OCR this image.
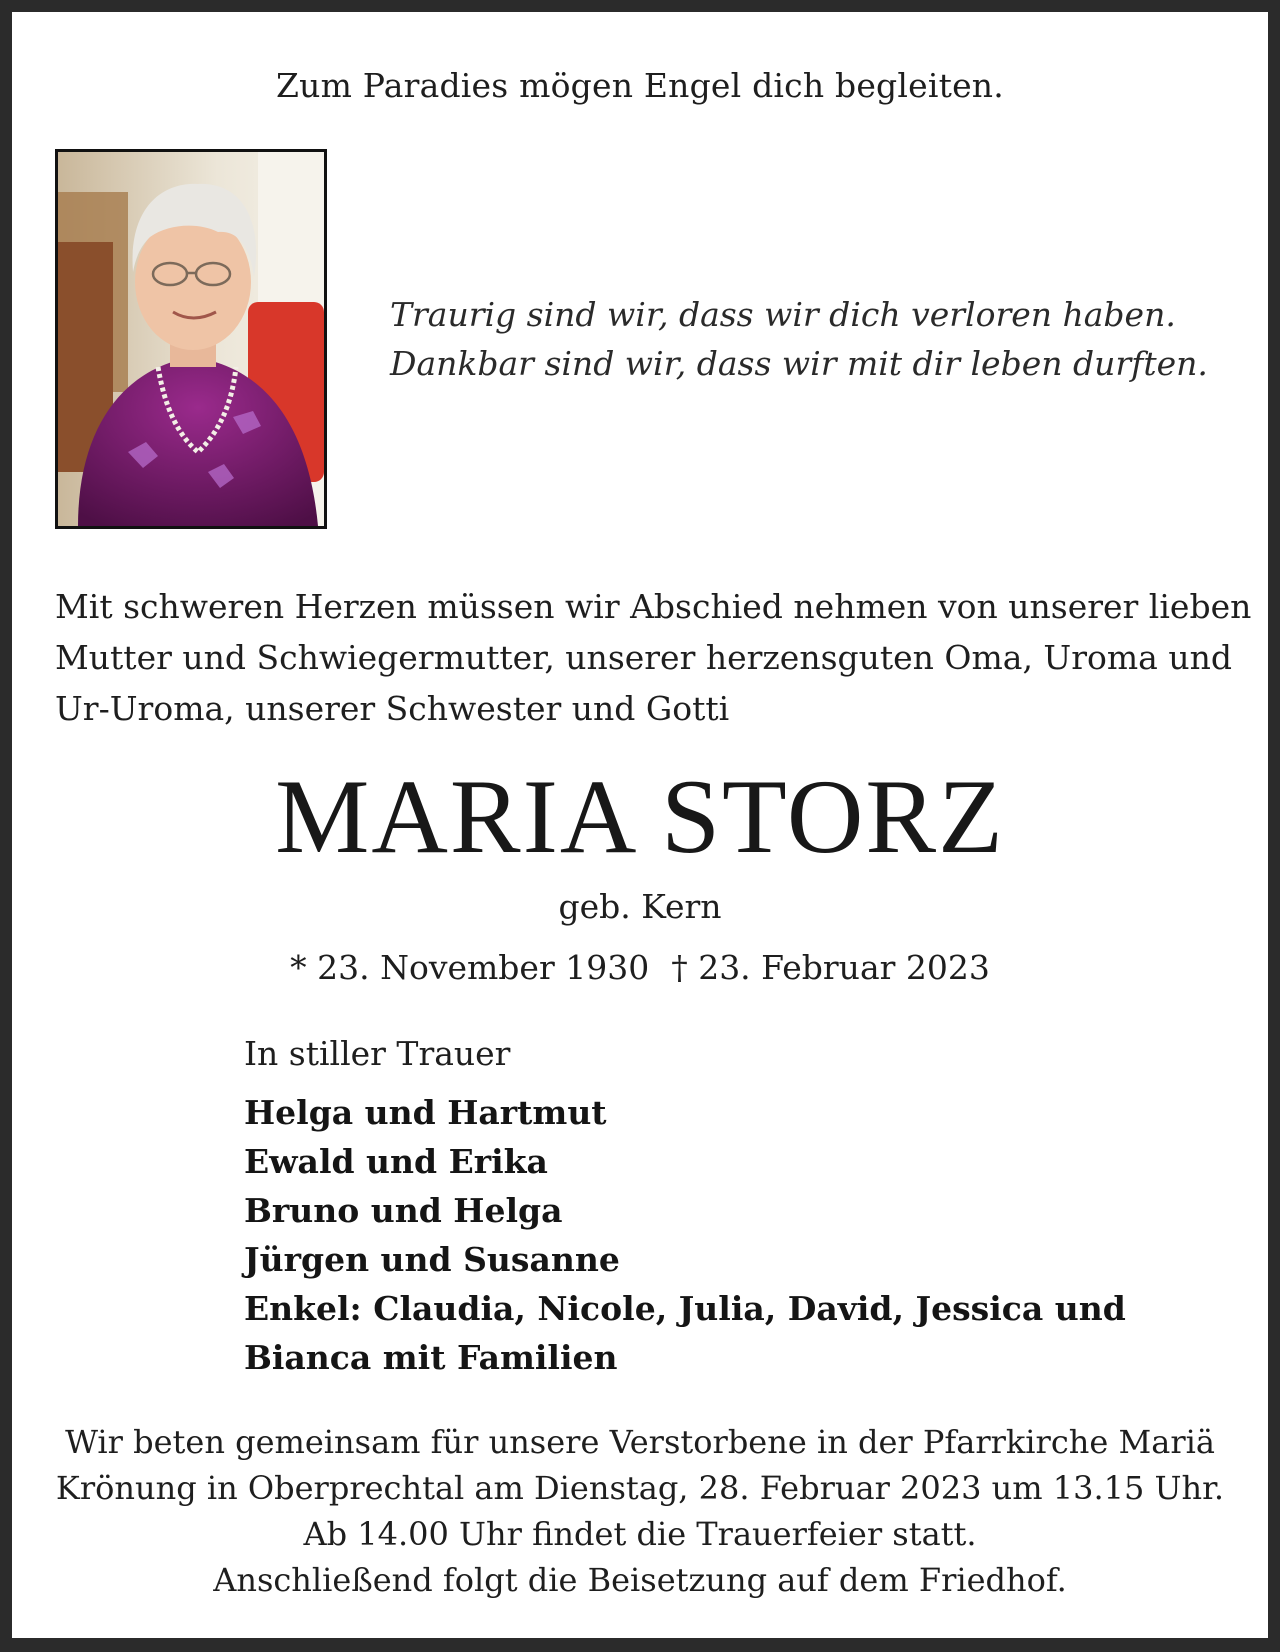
Zum Paradies mögen Engel dich begleiten.
Traurig sind wir, dass wir dich verloren haben.
Dankbar sind wir, dass wir mit dir leben durften.
Mit schweren Herzen müssen wir Abschied nehmen von unserer lieben
Mutter und Schwiegermutter, unserer herzensguten Oma, Uroma und
Ur-Uroma, unserer Schwester und Gotti
MARIA STORZ
geb. Kern
* 23. November 1930 † 23. Februar 2023
In stiller Trauer
Helga und Hartmut
Ewald und Erika
Bruno und Helga
Jürgen und Susanne
Enkel: Claudia, Nicole, Julia, David, Jessica und
Bianca mit Familien
Wir beten gemeinsam für unsere Verstorbene in der Pfarrkirche Mariä
Krönung in Oberprechtal am Dienstag, 28. Februar 2023 um 13.15 Uhr.
Ab 14.00 Uhr findet die Trauerfeier statt.
Anschließend folgt die Beisetzung auf dem Friedhof.
